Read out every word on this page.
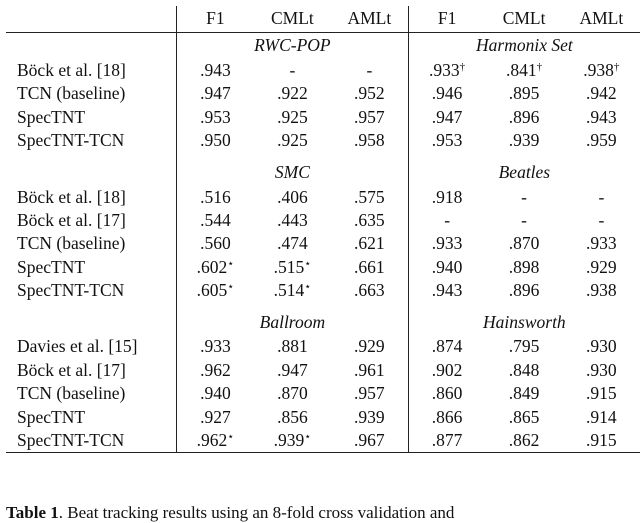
	F1	CMLt	AMLt	F1	CMLt	AMLt
	RWC-POP			Harmonix Set		
Böck et al. [18]	.943	-	-	.933†	.841†	.938†
TCN (baseline)	.947	.922	.952	.946	.895	.942
SpecTNT	.953	.925	.957	.947	.896	.943
SpecTNT-TCN	.950	.925	.958	.953	.939	.959
	SMC			Beatles		
Böck et al. [18]	.516	.406	.575	.918	-	-
Böck et al. [17]	.544	.443	.635	-	-	-
TCN (baseline)	.560	.474	.621	.933	.870	.933
SpecTNT	.602⋆	.515⋆	.661	.940	.898	.929
SpecTNT-TCN	.605⋆	.514⋆	.663	.943	.896	.938
	Ballroom			Hainsworth		
Davies et al. [15]	.933	.881	.929	.874	.795	.930
Böck et al. [17]	.962	.947	.961	.902	.848	.930
TCN (baseline)	.940	.870	.957	.860	.849	.915
SpecTNT	.927	.856	.939	.866	.865	.914
SpecTNT-TCN	.962⋆	.939⋆	.967	.877	.862	.915
Table 1. Beat tracking results using an 8-fold cross validation and
